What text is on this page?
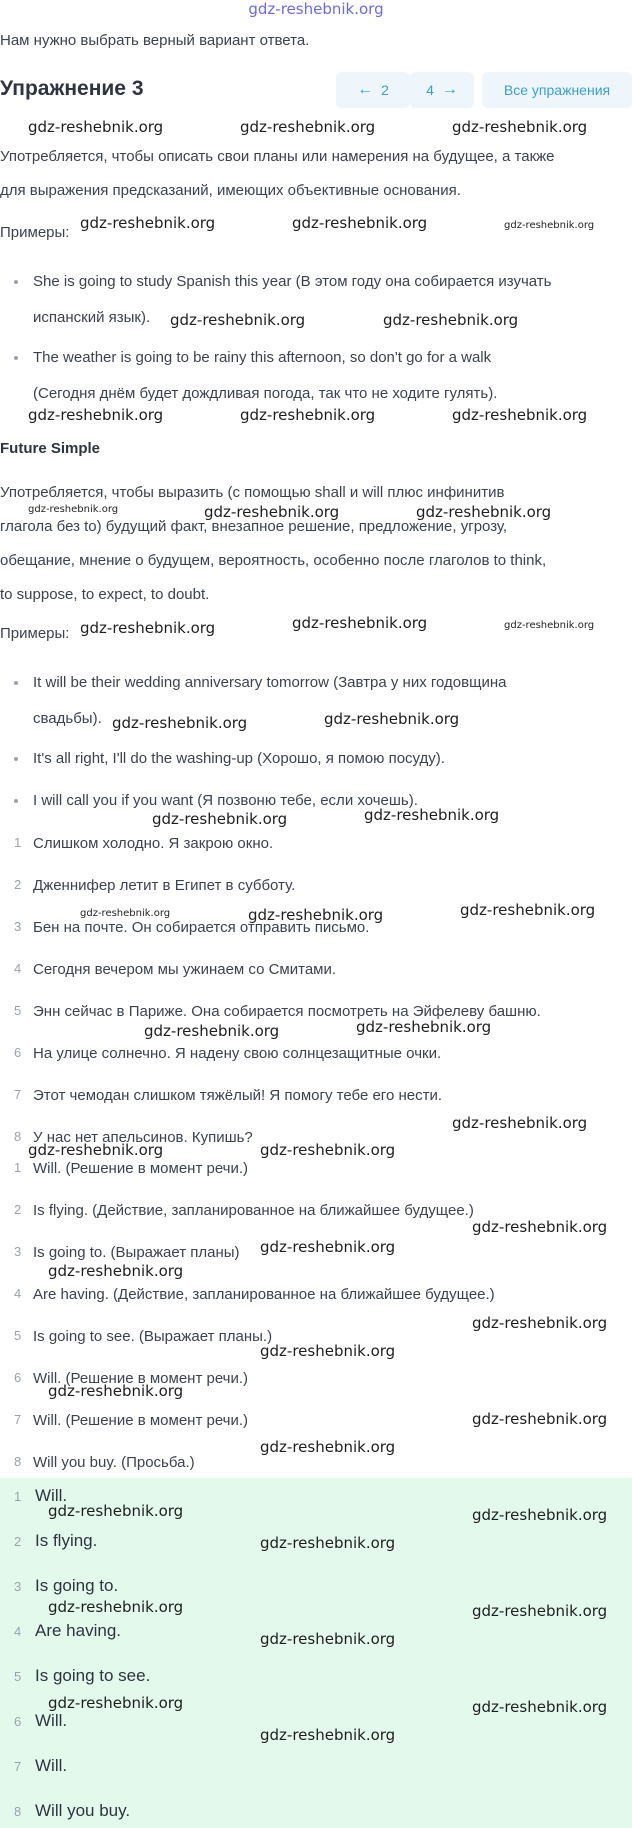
gdz-reshebnik.org
Нам нужно выбрать верный вариант ответа.
Упражнение 3	← 2	4 →	Все упражнения
Употребляется, чтобы описать свои планы или намерения на будущее, а также
для выражения предсказаний, имеющих объективные основания.
Примеры:
She is going to study Spanish this year (В этом году она собирается изучать
испанский язык).
The weather is going to be rainy this afternoon, so don't go for a walk
(Сегодня днём будет дождливая погода, так что не ходите гулять).
Future Simple
Употребляется, чтобы выразить (с помощью shall и will плюс инфинитив
глагола без to) будущий факт, внезапное решение, предложение, угрозу,
обещание, мнение о будущем, вероятность, особенно после глаголов to think,
to suppose, to expect, to doubt.
Примеры:
It will be their wedding anniversary tomorrow (Завтра у них годовщина
свадьбы).
It's all right, I'll do the washing-up (Хорошо, я помою посуду).
I will call you if you want (Я позвоню тебе, если хочешь).
1 Слишком холодно. Я закрою окно.
2 Дженнифер летит в Египет в субботу.
3 Бен на почте. Он собирается отправить письмо.
4 Сегодня вечером мы ужинаем со Смитами.
5 Энн сейчас в Париже. Она собирается посмотреть на Эйфелеву башню.
6 На улице солнечно. Я надену свою солнцезащитные очки.
7 Этот чемодан слишком тяжёлый! Я помогу тебе его нести.
8 У нас нет апельсинов. Купишь?
1 Will. (Решение в момент речи.)
2 Is flying. (Действие, запланированное на ближайшее будущее.)
3 Is going to. (Выражает планы)
4 Are having. (Действие, запланированное на ближайшее будущее.)
5 Is going to see. (Выражает планы.)
6 Will. (Решение в момент речи.)
7 Will. (Решение в момент речи.)
8 Will you buy. (Просьба.)
1 Will.
2 Is flying.
3 Is going to.
4 Are having.
5 Is going to see.
6 Will.
7 Will.
8 Will you buy.
gdz-reshebnik.org	gdz-reshebnik.org	gdz-reshebnik.org
gdz-reshebnik.org	gdz-reshebnik.org	gdz-reshebnik.org
gdz-reshebnik.org	gdz-reshebnik.org
gdz-reshebnik.org	gdz-reshebnik.org	gdz-reshebnik.org
gdz-reshebnik.org	gdz-reshebnik.org	gdz-reshebnik.org
gdz-reshebnik.org	gdz-reshebnik.org	gdz-reshebnik.org
gdz-reshebnik.org	gdz-reshebnik.org
gdz-reshebnik.org	gdz-reshebnik.org
gdz-reshebnik.org	gdz-reshebnik.org	gdz-reshebnik.org
gdz-reshebnik.org	gdz-reshebnik.org
gdz-reshebnik.org
gdz-reshebnik.org	gdz-reshebnik.org
gdz-reshebnik.org
gdz-reshebnik.org
gdz-reshebnik.org
gdz-reshebnik.org
gdz-reshebnik.org
gdz-reshebnik.org
gdz-reshebnik.org
gdz-reshebnik.org
gdz-reshebnik.org	gdz-reshebnik.org
gdz-reshebnik.org
gdz-reshebnik.org	gdz-reshebnik.org
gdz-reshebnik.org
gdz-reshebnik.org	gdz-reshebnik.org
gdz-reshebnik.org
